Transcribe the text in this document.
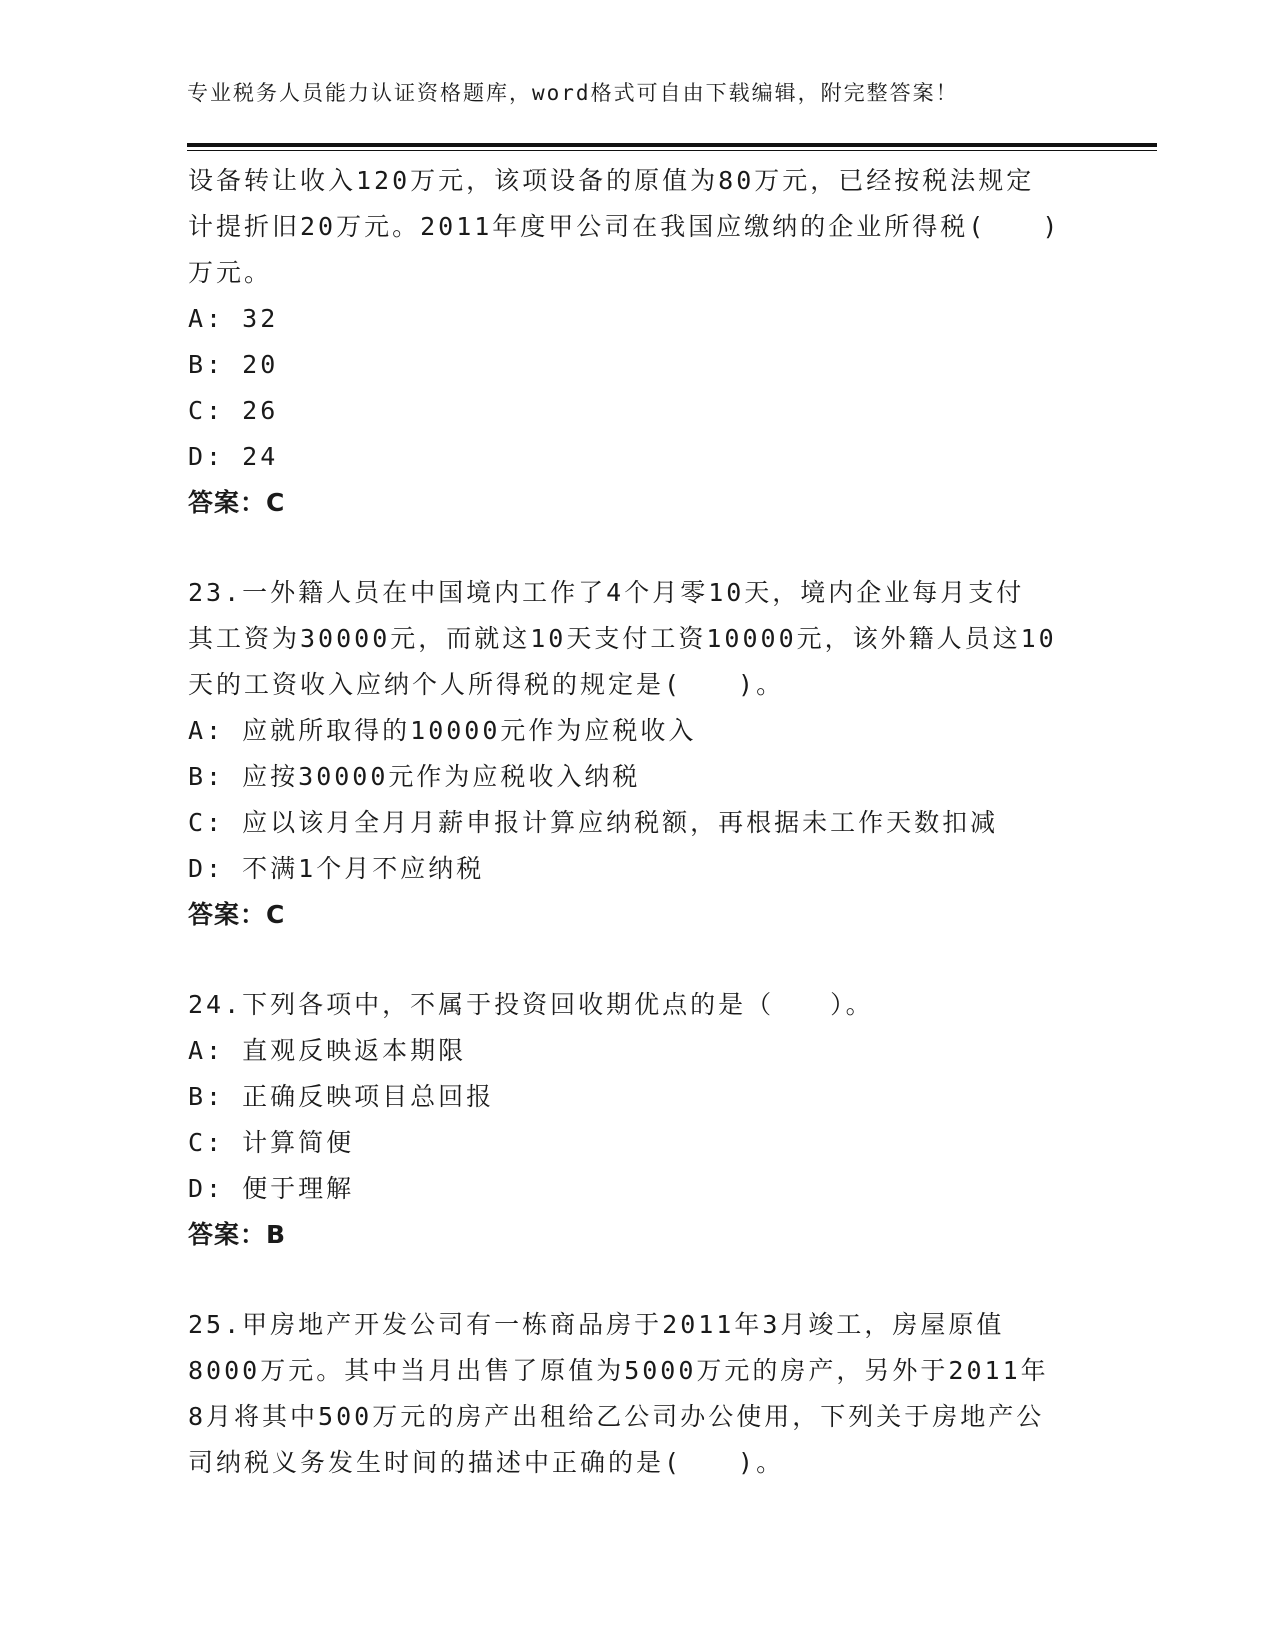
专业税务人员能力认证资格题库，word格式可自由下载编辑，附完整答案！
设备转让收入120万元，该项设备的原值为80万元，已经按税法规定
计提折旧20万元。2011年度甲公司在我国应缴纳的企业所得税(　　)
万元。
A: 32
B: 20
C: 26
D: 24
答案：C
23.一外籍人员在中国境内工作了4个月零10天，境内企业每月支付
其工资为30000元，而就这10天支付工资10000元，该外籍人员这10
天的工资收入应纳个人所得税的规定是(　　)。
A: 应就所取得的10000元作为应税收入
B: 应按30000元作为应税收入纳税
C: 应以该月全月月薪申报计算应纳税额，再根据未工作天数扣减
D: 不满1个月不应纳税
答案：C
24.下列各项中，不属于投资回收期优点的是（　　）。
A: 直观反映返本期限
B: 正确反映项目总回报
C: 计算简便
D: 便于理解
答案：B
25.甲房地产开发公司有一栋商品房于2011年3月竣工，房屋原值
8000万元。其中当月出售了原值为5000万元的房产，另外于2011年
8月将其中500万元的房产出租给乙公司办公使用，下列关于房地产公
司纳税义务发生时间的描述中正确的是(　　)。
